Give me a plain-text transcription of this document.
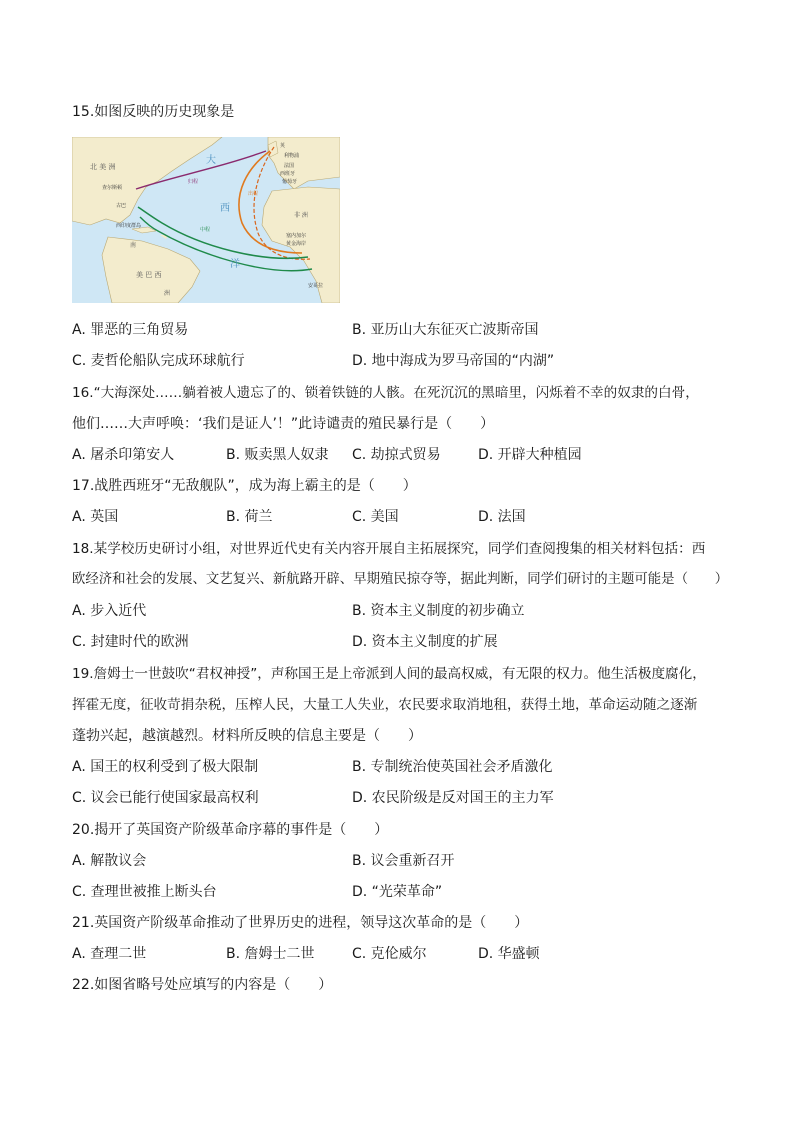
15.如图反映的历史现象是
北 美 洲
大
西
洋
英
利物浦
法国
西班牙
葡萄牙
非 洲
塞内加尔
黄金海岸
安哥拉
查尔斯顿
古巴
西印度群岛
南
美 巴 西
洲
归程
中程
出程
A. 罪恶的三角贸易	B. 亚历山大东征灭亡波斯帝国
C. 麦哲伦船队完成环球航行	D. 地中海成为罗马帝国的“内湖”
16.“大海深处……躺着被人遗忘了的、锁着铁链的人骸。在死沉沉的黑暗里，闪烁着不幸的奴隶的白骨，
他们……大声呼唤：‘我们是证人’！”此诗谴责的殖民暴行是（　　）
A. 屠杀印第安人	B. 贩卖黑人奴隶 C. 劫掠式贸易	D. 开辟大种植园
17.战胜西班牙“无敌舰队”，成为海上霸主的是（　　）
A. 英国	B. 荷兰	C. 美国	D. 法国
18.某学校历史研讨小组，对世界近代史有关内容开展自主拓展探究，同学们查阅搜集的相关材料包括：西
欧经济和社会的发展、文艺复兴、新航路开辟、早期殖民掠夺等，据此判断，同学们研讨的主题可能是（　　）
A. 步入近代	B. 资本主义制度的初步确立
C. 封建时代的欧洲	D. 资本主义制度的扩展
19.詹姆士一世鼓吹“君权神授”，声称国王是上帝派到人间的最高权威，有无限的权力。他生活极度腐化，
挥霍无度，征收苛捐杂税，压榨人民，大量工人失业，农民要求取消地租，获得土地，革命运动随之逐渐
蓬勃兴起，越演越烈。材料所反映的信息主要是（　　）
A. 国王的权利受到了极大限制	B. 专制统治使英国社会矛盾激化
C. 议会已能行使国家最高权利	D. 农民阶级是反对国王的主力军
20.揭开了英国资产阶级革命序幕的事件是（　　）
A. 解散议会	B. 议会重新召开
C. 查理世被推上断头台	D. “光荣革命”
21.英国资产阶级革命推动了世界历史的进程，领导这次革命的是（　　）
A. 查理二世	B. 詹姆士二世	C. 克伦威尔	D. 华盛顿
22.如图省略号处应填写的内容是（　　）
